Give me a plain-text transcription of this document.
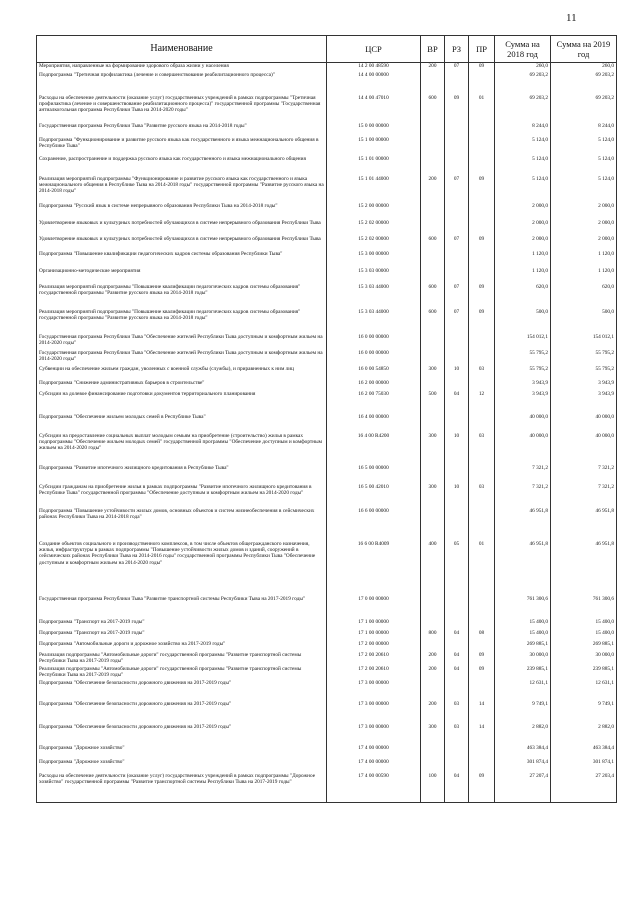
11
Наименование	ЦСР	ВР	РЗ	ПР	Сумма на 2018 год	Сумма на 2019 год
Мероприятия, направленные на формирование здорового образа жизни у населения	14 2 00 48590	200	07	09	260,0	260,0
Подпрограмма "Третичная профилактика (лечение и совершенствование реабилитационного процесса)"	14 4 00 00000				69 203,2	69 203,2
Расходы на обеспечение деятельности (оказание услуг) государственных учреждений в рамках подпрограммы "Третичная профилактика (лечение и совершенствование реабилитационного процесса)" государственной программы "Государственная антиалкогольная программа Республики Тыва на 2014-2020 годы"	14 4 00 47010	600	09	01	69 203,2	69 203,2
Государственная программа Республики Тыва "Развитие русского языка на 2014-2018 годы"	15 0 00 00000				8 244,0	8 244,0
Подпрограмма "Функционирование и развитие русского языка как государственного и языка межнационального общения в Республике Тыва"	15 1 00 00000				5 124,0	5 124,0
Сохранение, распространение и поддержка русского языка как государственного и языка межнационального общения	15 1 01 00000				5 124,0	5 124,0
Реализация мероприятий подпрограммы "Функционирование и развитие русского языка как государственного и языка межнационального общения в Республике Тыва на 2014-2018 годы" государственной программы "Развитие русского языка на 2014-2018 годы"	15 1 01 44000	200	07	09	5 124,0	5 124,0
Подпрограмма "Русский язык в системе непрерывного образования Республики Тыва на 2014-2018 годы"	15 2 00 00000				2 000,0	2 000,0
Удовлетворение языковых и культурных потребностей обучающихся в системе непрерывного образования Республики Тыва	15 2 02 00000				2 000,0	2 000,0
Удовлетворение языковых и культурных потребностей обучающихся в системе непрерывного образования Республики Тыва	15 2 02 00000	600	07	09	2 000,0	2 000,0
Подпрограмма "Повышение квалификации педагогических кадров системы образования Республики Тыва"	15 3 00 00000				1 120,0	1 120,0
Организационно-методические мероприятия	15 3 03 00000				1 120,0	1 120,0
Реализация мероприятий подпрограммы "Повышение квалификации педагогических кадров системы образования" государственной программы "Развитие русского языка на 2014-2018 годы"	15 3 03 44000	600	07	09	620,0	620,0
Реализация мероприятий подпрограммы "Повышение квалификации педагогических кадров системы образования" государственной программы "Развитие русского языка на 2014-2018 годы"	15 3 03 44000	600	07	09	500,0	500,0
Государственная программа Республики Тыва "Обеспечение жителей Республики Тыва доступным и комфортным жильем на 2014-2020 годы"	16 0 00 00000				154 012,1	154 012,1
Государственная программа Республики Тыва "Обеспечение жителей Республики Тыва доступным и комфортным жильем на 2014-2020 годы"	16 0 00 00000				55 795,2	55 795,2
Субвенции на обеспечение жильем граждан, уволенных с военной службы (службы), и приравненных к ним лиц	16 0 00 54850	300	10	03	55 795,2	55 795,2
Подпрограмма "Снижение административных барьеров в строительстве"	16 2 00 00000				3 943,9	3 943,9
Субсидии на долевое финансирование подготовки документов территориального планирования	16 2 00 75030	500	04	12	3 943,9	3 943,9
Подпрограмма "Обеспечение жильем молодых семей в Республике Тыва"	16 4 00 00000				40 000,0	40 000,0
Субсидии на предоставление социальных выплат молодым семьям на приобретение (строительство) жилья в рамках подпрограммы "Обеспечение жильем молодых семей" государственной программы "Обеспечение доступным и комфортным жильем на 2014-2020 годы"	16 4 00 R4200	300	10	03	40 000,0	40 000,0
Подпрограмма "Развитие ипотечного жилищного кредитования в Республике Тыва"	16 5 00 00000				7 321,2	7 321,2
Субсидии гражданам на приобретение жилья в рамках подпрограммы "Развитие ипотечного жилищного кредитования в Республике Тыва" государственной программы "Обеспечение доступным и комфортным жильем на 2014-2020 годы"	16 5 00 42010	300	10	03	7 321,2	7 321,2
Подпрограмма "Повышение устойчивости жилых домов, основных объектов и систем жизнеобеспечения в сейсмических районах Республики Тыва на 2014-2018 года"	16 6 00 00000				46 951,8	46 951,8
Создание объектов социального и производственного комплексов, в том числе объектов общегражданского назначения, жилья, инфраструктуры в рамках подпрограммы "Повышение устойчивости жилых домов и зданий, сооружений в сейсмических районах Республики Тыва на 2014-2016 годы" государственной программы Республики Тыва "Обеспечение доступным и комфортным жильем на 2014-2020 годы"	16 6 00 R4009	400	05	01	46 951,8	46 951,8
Государственная программа Республики Тыва "Развитие транспортной системы Республики Тыва на 2017-2019 годы"	17 0 00 00000				761 300,6	761 300,6
Подпрограмма "Транспорт на 2017-2019 годы"	17 1 00 00000				15 400,0	15 400,0
Подпрограмма "Транспорт на 2017-2019 годы"	17 1 00 00000	800	04	08	15 400,0	15 400,0
Подпрограмма "Автомобильные дороги и дорожное хозяйство на 2017-2019 годы"	17 2 00 00000				269 885,1	269 885,1
Реализация подпрограммы "Автомобильные дороги" государственной программы "Развитие транспортной системы Республики Тыва на 2017-2019 годы"	17 2 00 20610	200	04	09	30 000,0	30 000,0
Реализация подпрограммы "Автомобильные дороги" государственной программы "Развитие транспортной системы Республики Тыва на 2017-2019 годы"	17 2 00 20610	200	04	09	239 885,1	239 885,1
Подпрограмма "Обеспечение безопасности дорожного движения на 2017-2019 годы"	17 3 00 00000				12 631,1	12 631,1
Подпрограмма "Обеспечение безопасности дорожного движения на 2017-2019 годы"	17 3 00 00000	200	03	14	9 749,1	9 749,1
Подпрограмма "Обеспечение безопасности дорожного движения на 2017-2019 годы"	17 3 00 00000	300	03	14	2 882,0	2 882,0
Подпрограмма "Дорожное хозяйство"	17 4 00 00000				463 384,4	463 384,4
Подпрограмма "Дорожное хозяйство"	17 4 00 00000				301 874,4	301 874,1
Расходы на обеспечение деятельности (оказание услуг) государственных учреждений в рамках подпрограммы "Дорожное хозяйство" государственной программы "Развитие транспортной системы Республики Тыва на 2017-2019 годы"	17 4 00 00590	100	04	09	27 207,4	27 203,4
